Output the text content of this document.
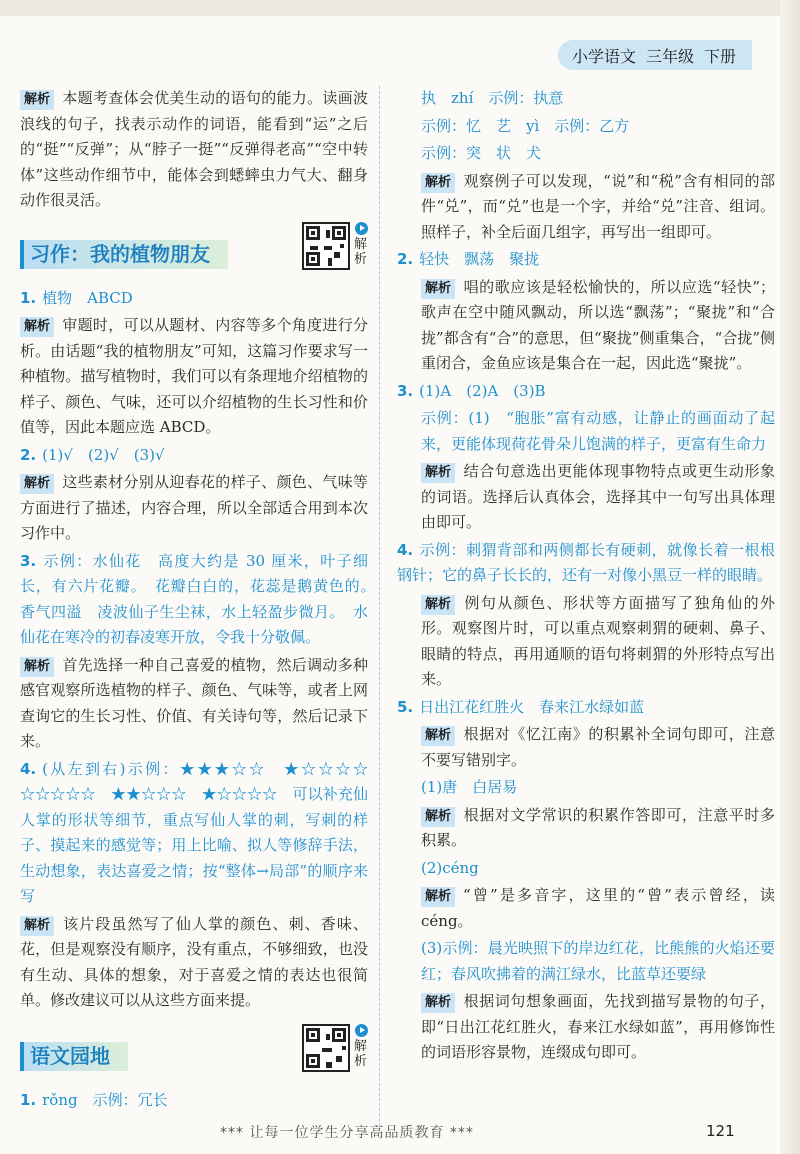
小学语文 三年级 下册
解析 本题考查体会优美生动的语句的能力。读画波浪线的句子，找表示动作的词语，能看到“运”之后的“挺”“反弹”；从“脖子一挺”“反弹得老高”“空中转体”这些动作细节中，能体会到蟋蟀虫力气大、翻身动作很灵活。
习作：我的植物朋友	解析
1. 植物　ABCD
解析 审题时，可以从题材、内容等多个角度进行分析。由话题“我的植物朋友”可知，这篇习作要求写一种植物。描写植物时，我们可以有条理地介绍植物的样子、颜色、气味，还可以介绍植物的生长习性和价值等，因此本题应选 ABCD。
2. (1)√　(2)√　(3)√
解析 这些素材分别从迎春花的样子、颜色、气味等方面进行了描述，内容合理，所以全部适合用到本次习作中。
3. 示例：水仙花　高度大约是 30 厘米，叶子细长，有六片花瓣。　花瓣白白的，花蕊是鹅黄色的。　香气四溢　凌波仙子生尘袜，水上轻盈步微月。　水仙花在寒冷的初春凌寒开放，令我十分敬佩。
解析 首先选择一种自己喜爱的植物，然后调动多种感官观察所选植物的样子、颜色、气味等，或者上网查询它的生长习性、价值、有关诗句等，然后记录下来。
4. (从左到右)示例：★★★☆☆　★☆☆☆☆　☆☆☆☆☆　★★☆☆☆　★☆☆☆☆　可以补充仙人掌的形状等细节，重点写仙人掌的刺，写刺的样子、摸起来的感觉等；用上比喻、拟人等修辞手法，生动想象，表达喜爱之情；按“整体→局部”的顺序来写
解析 该片段虽然写了仙人掌的颜色、刺、香味、花，但是观察没有顺序，没有重点，不够细致，也没有生动、具体的想象，对于喜爱之情的表达也很简单。修改建议可以从这些方面来提。
语文园地	解析
1. rǒng　示例：冗长
执　zhí　示例：执意
示例：忆　艺　yì　示例：乙方
示例：突　状　犬
解析 观察例子可以发现，“说”和“税”含有相同的部件“兑”，而“兑”也是一个字，并给“兑”注音、组词。照样子，补全后面几组字，再写出一组即可。
2. 轻快　飘荡　聚拢
解析 唱的歌应该是轻松愉快的，所以应选“轻快”；歌声在空中随风飘动，所以选“飘荡”；“聚拢”和“合拢”都含有“合”的意思，但“聚拢”侧重集合，“合拢”侧重闭合，金鱼应该是集合在一起，因此选“聚拢”。
3. (1)A　(2)A　(3)B
示例：(1)　“胞胀”富有动感，让静止的画面动了起来，更能体现荷花骨朵儿饱满的样子，更富有生命力
解析 结合句意选出更能体现事物特点或更生动形象的词语。选择后认真体会，选择其中一句写出具体理由即可。
4. 示例：刺猬背部和两侧都长有硬刺，就像长着一根根钢针；它的鼻子长长的，还有一对像小黑豆一样的眼睛。
解析 例句从颜色、形状等方面描写了独角仙的外形。观察图片时，可以重点观察刺猬的硬刺、鼻子、眼睛的特点，再用通顺的语句将刺猬的外形特点写出来。
5. 日出江花红胜火　春来江水绿如蓝
解析 根据对《忆江南》的积累补全词句即可，注意不要写错别字。
(1)唐　白居易
解析 根据对文学常识的积累作答即可，注意平时多积累。
(2)céng
解析 “曾”是多音字，这里的“曾”表示曾经，读 céng。
(3)示例：晨光映照下的岸边红花，比熊熊的火焰还要红；春风吹拂着的满江绿水，比蓝草还要绿
解析 根据词句想象画面，先找到描写景物的句子，即“日出江花红胜火，春来江水绿如蓝”，再用修饰性的词语形容景物，连缀成句即可。
*** 让每一位学生分享高品质教育 ***	121
